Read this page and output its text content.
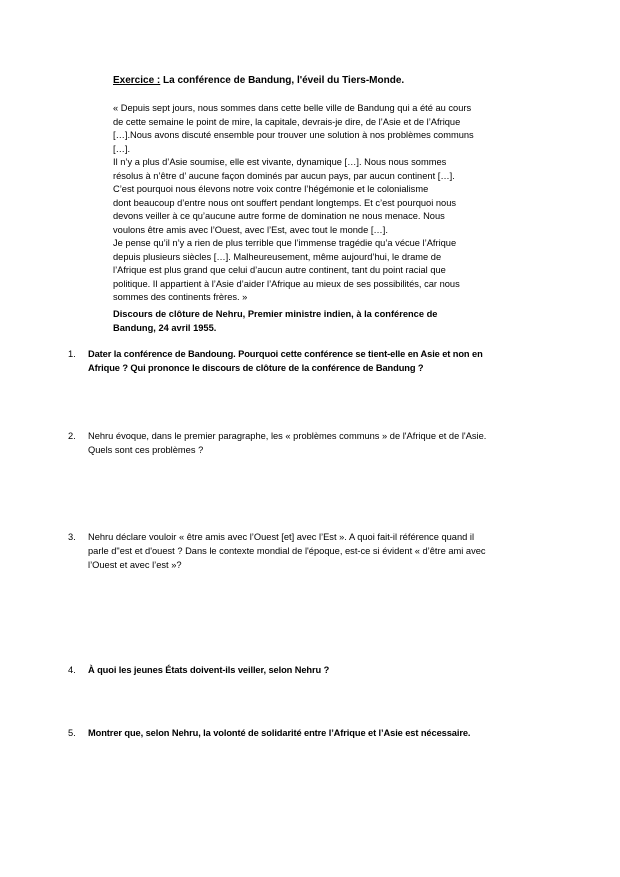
Exercice : La conférence de Bandung, l'éveil du Tiers-Monde.
« Depuis sept jours, nous sommes dans cette belle ville de Bandung qui a été au cours
de cette semaine le point de mire, la capitale, devrais-je dire, de l’Asie et de l’Afrique
[…].Nous avons discuté ensemble pour trouver une solution à nos problèmes communs
[…].
Il n’y a plus d’Asie soumise, elle est vivante, dynamique […]. Nous nous sommes
résolus à n’être d’ aucune façon dominés par aucun pays, par aucun continent […].
C’est pourquoi nous élevons notre voix contre l’hégémonie et le colonialisme
dont beaucoup d’entre nous ont souffert pendant longtemps. Et c’est pourquoi nous
devons veiller à ce qu’aucune autre forme de domination ne nous menace. Nous
voulons être amis avec l’Ouest, avec l’Est, avec tout le monde […].
Je pense qu’il n’y a rien de plus terrible que l’immense tragédie qu’a vécue l’Afrique
depuis plusieurs siècles […]. Malheureusement, même aujourd’hui, le drame de
l’Afrique est plus grand que celui d’aucun autre continent, tant du point racial que
politique. Il appartient à l’Asie d’aider l’Afrique au mieux de ses possibilités, car nous
sommes des continents frères. »
Discours de clôture de Nehru, Premier ministre indien, à la conférence de
Bandung, 24 avril 1955.
1. Dater la conférence de Bandoung. Pourquoi cette conférence se tient-elle en Asie et non en
Afrique ? Qui prononce le discours de clôture de la conférence de Bandung ?
2. Nehru évoque, dans le premier paragraphe, les « problèmes communs » de l'Afrique et de l'Asie.
Quels sont ces problèmes ?
3. Nehru déclare vouloir « être amis avec l’Ouest [et] avec l’Est ». A quoi fait-il référence quand il
parle d"est et d'ouest ? Dans le contexte mondial de l'époque, est-ce si évident « d’être ami avec
l’Ouest et avec l’est »?
4. À quoi les jeunes États doivent-ils veiller, selon Nehru ?
5. Montrer que, selon Nehru, la volonté de solidarité entre l’Afrique et l’Asie est nécessaire.
